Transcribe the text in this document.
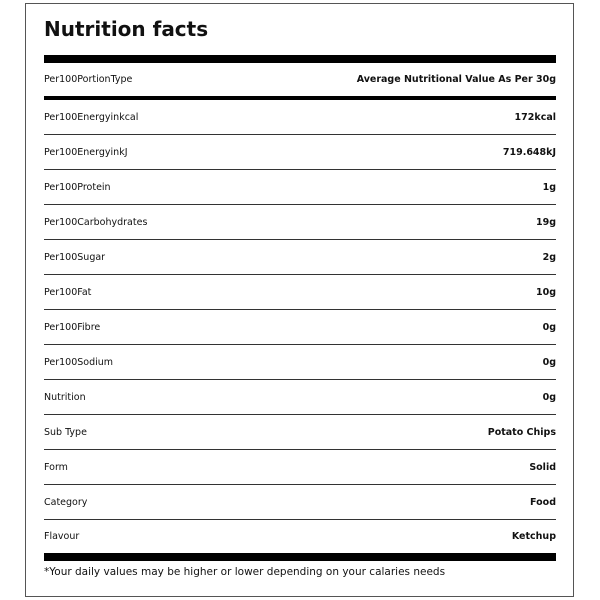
Nutrition facts
Per100PortionType	Average Nutritional Value As Per 30g
Per100Energyinkcal	172kcal
Per100EnergyinkJ	719.648kJ
Per100Protein	1g
Per100Carbohydrates	19g
Per100Sugar	2g
Per100Fat	10g
Per100Fibre	0g
Per100Sodium	0g
Nutrition	0g
Sub Type	Potato Chips
Form	Solid
Category	Food
Flavour	Ketchup
*Your daily values may be higher or lower depending on your calaries needs
